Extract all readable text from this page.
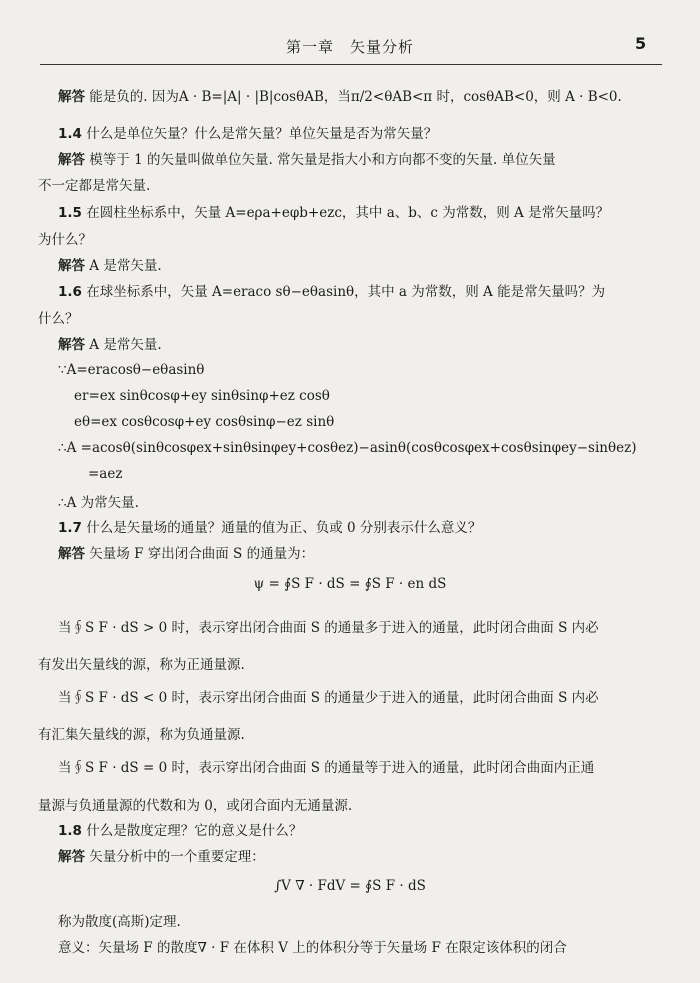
第一章　矢量分析	5
解答 能是负的. 因为A · B=|A| · |B|cosθAB，当π/2<θAB<π 时，cosθAB<0，则 A · B<0.
1.4 什么是单位矢量？什么是常矢量？单位矢量是否为常矢量？
解答 模等于 1 的矢量叫做单位矢量. 常矢量是指大小和方向都不变的矢量. 单位矢量
不一定都是常矢量.
1.5 在圆柱坐标系中，矢量 A=eρa+eφb+ezc，其中 a、b、c 为常数，则 A 是常矢量吗？
为什么？
解答 A 是常矢量.
1.6 在球坐标系中，矢量 A=eraco sθ−eθasinθ，其中 a 为常数，则 A 能是常矢量吗？为
什么？
解答 A 是常矢量.
∵A=eracosθ−eθasinθ
er=ex sinθcosφ+ey sinθsinφ+ez cosθ
eθ=ex cosθcosφ+ey cosθsinφ−ez sinθ
∴A =acosθ(sinθcosφex+sinθsinφey+cosθez)−asinθ(cosθcosφex+cosθsinφey−sinθez)
=aez
∴A 为常矢量.
1.7 什么是矢量场的通量？通量的值为正、负或 0 分别表示什么意义？
解答 矢量场 F 穿出闭合曲面 S 的通量为：
ψ = ∮S F · dS = ∮S F · en dS
当∮S F · dS > 0 时，表示穿出闭合曲面 S 的通量多于进入的通量，此时闭合曲面 S 内必
有发出矢量线的源，称为正通量源.
当∮S F · dS < 0 时，表示穿出闭合曲面 S 的通量少于进入的通量，此时闭合曲面 S 内必
有汇集矢量线的源，称为负通量源.
当∮S F · dS = 0 时，表示穿出闭合曲面 S 的通量等于进入的通量，此时闭合曲面内正通
量源与负通量源的代数和为 0，或闭合面内无通量源.
1.8 什么是散度定理？它的意义是什么？
解答 矢量分析中的一个重要定理：
∫V ∇ · FdV = ∮S F · dS
称为散度(高斯)定理.
意义：矢量场 F 的散度∇ · F 在体积 V 上的体积分等于矢量场 F 在限定该体积的闭合
